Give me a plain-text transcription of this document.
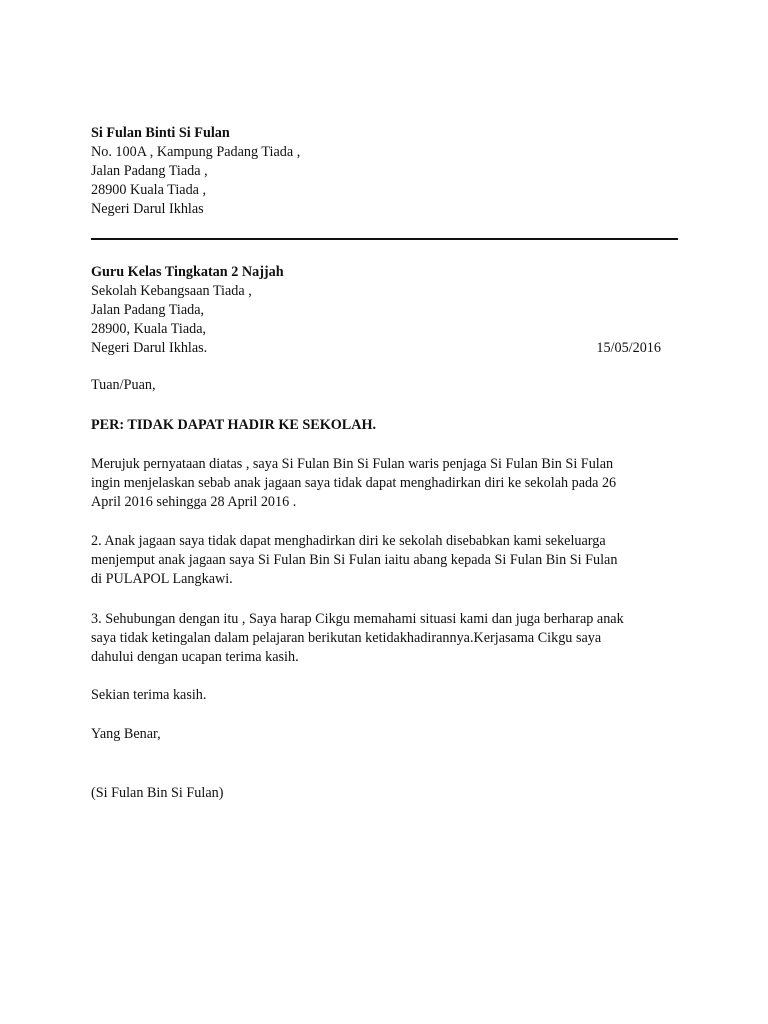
Si Fulan Binti Si Fulan
No. 100A , Kampung Padang Tiada ,
Jalan Padang Tiada ,
28900 Kuala Tiada ,
Negeri Darul Ikhlas
Guru Kelas Tingkatan 2 Najjah
Sekolah Kebangsaan Tiada ,
Jalan Padang Tiada,
28900, Kuala Tiada,
Negeri Darul Ikhlas.	15/05/2016
Tuan/Puan,
PER: TIDAK DAPAT HADIR KE SEKOLAH.
Merujuk pernyataan diatas , saya Si Fulan Bin Si Fulan waris penjaga Si Fulan Bin Si Fulan
ingin menjelaskan sebab anak jagaan saya tidak dapat menghadirkan diri ke sekolah pada 26
April 2016 sehingga 28 April 2016 .
2. Anak jagaan saya tidak dapat menghadirkan diri ke sekolah disebabkan kami sekeluarga
menjemput anak jagaan saya Si Fulan Bin Si Fulan iaitu abang kepada Si Fulan Bin Si Fulan
di PULAPOL Langkawi.
3. Sehubungan dengan itu , Saya harap Cikgu memahami situasi kami dan juga berharap anak
saya tidak ketingalan dalam pelajaran berikutan ketidakhadirannya.Kerjasama Cikgu saya
dahului dengan ucapan terima kasih.
Sekian terima kasih.
Yang Benar,
(Si Fulan Bin Si Fulan)
